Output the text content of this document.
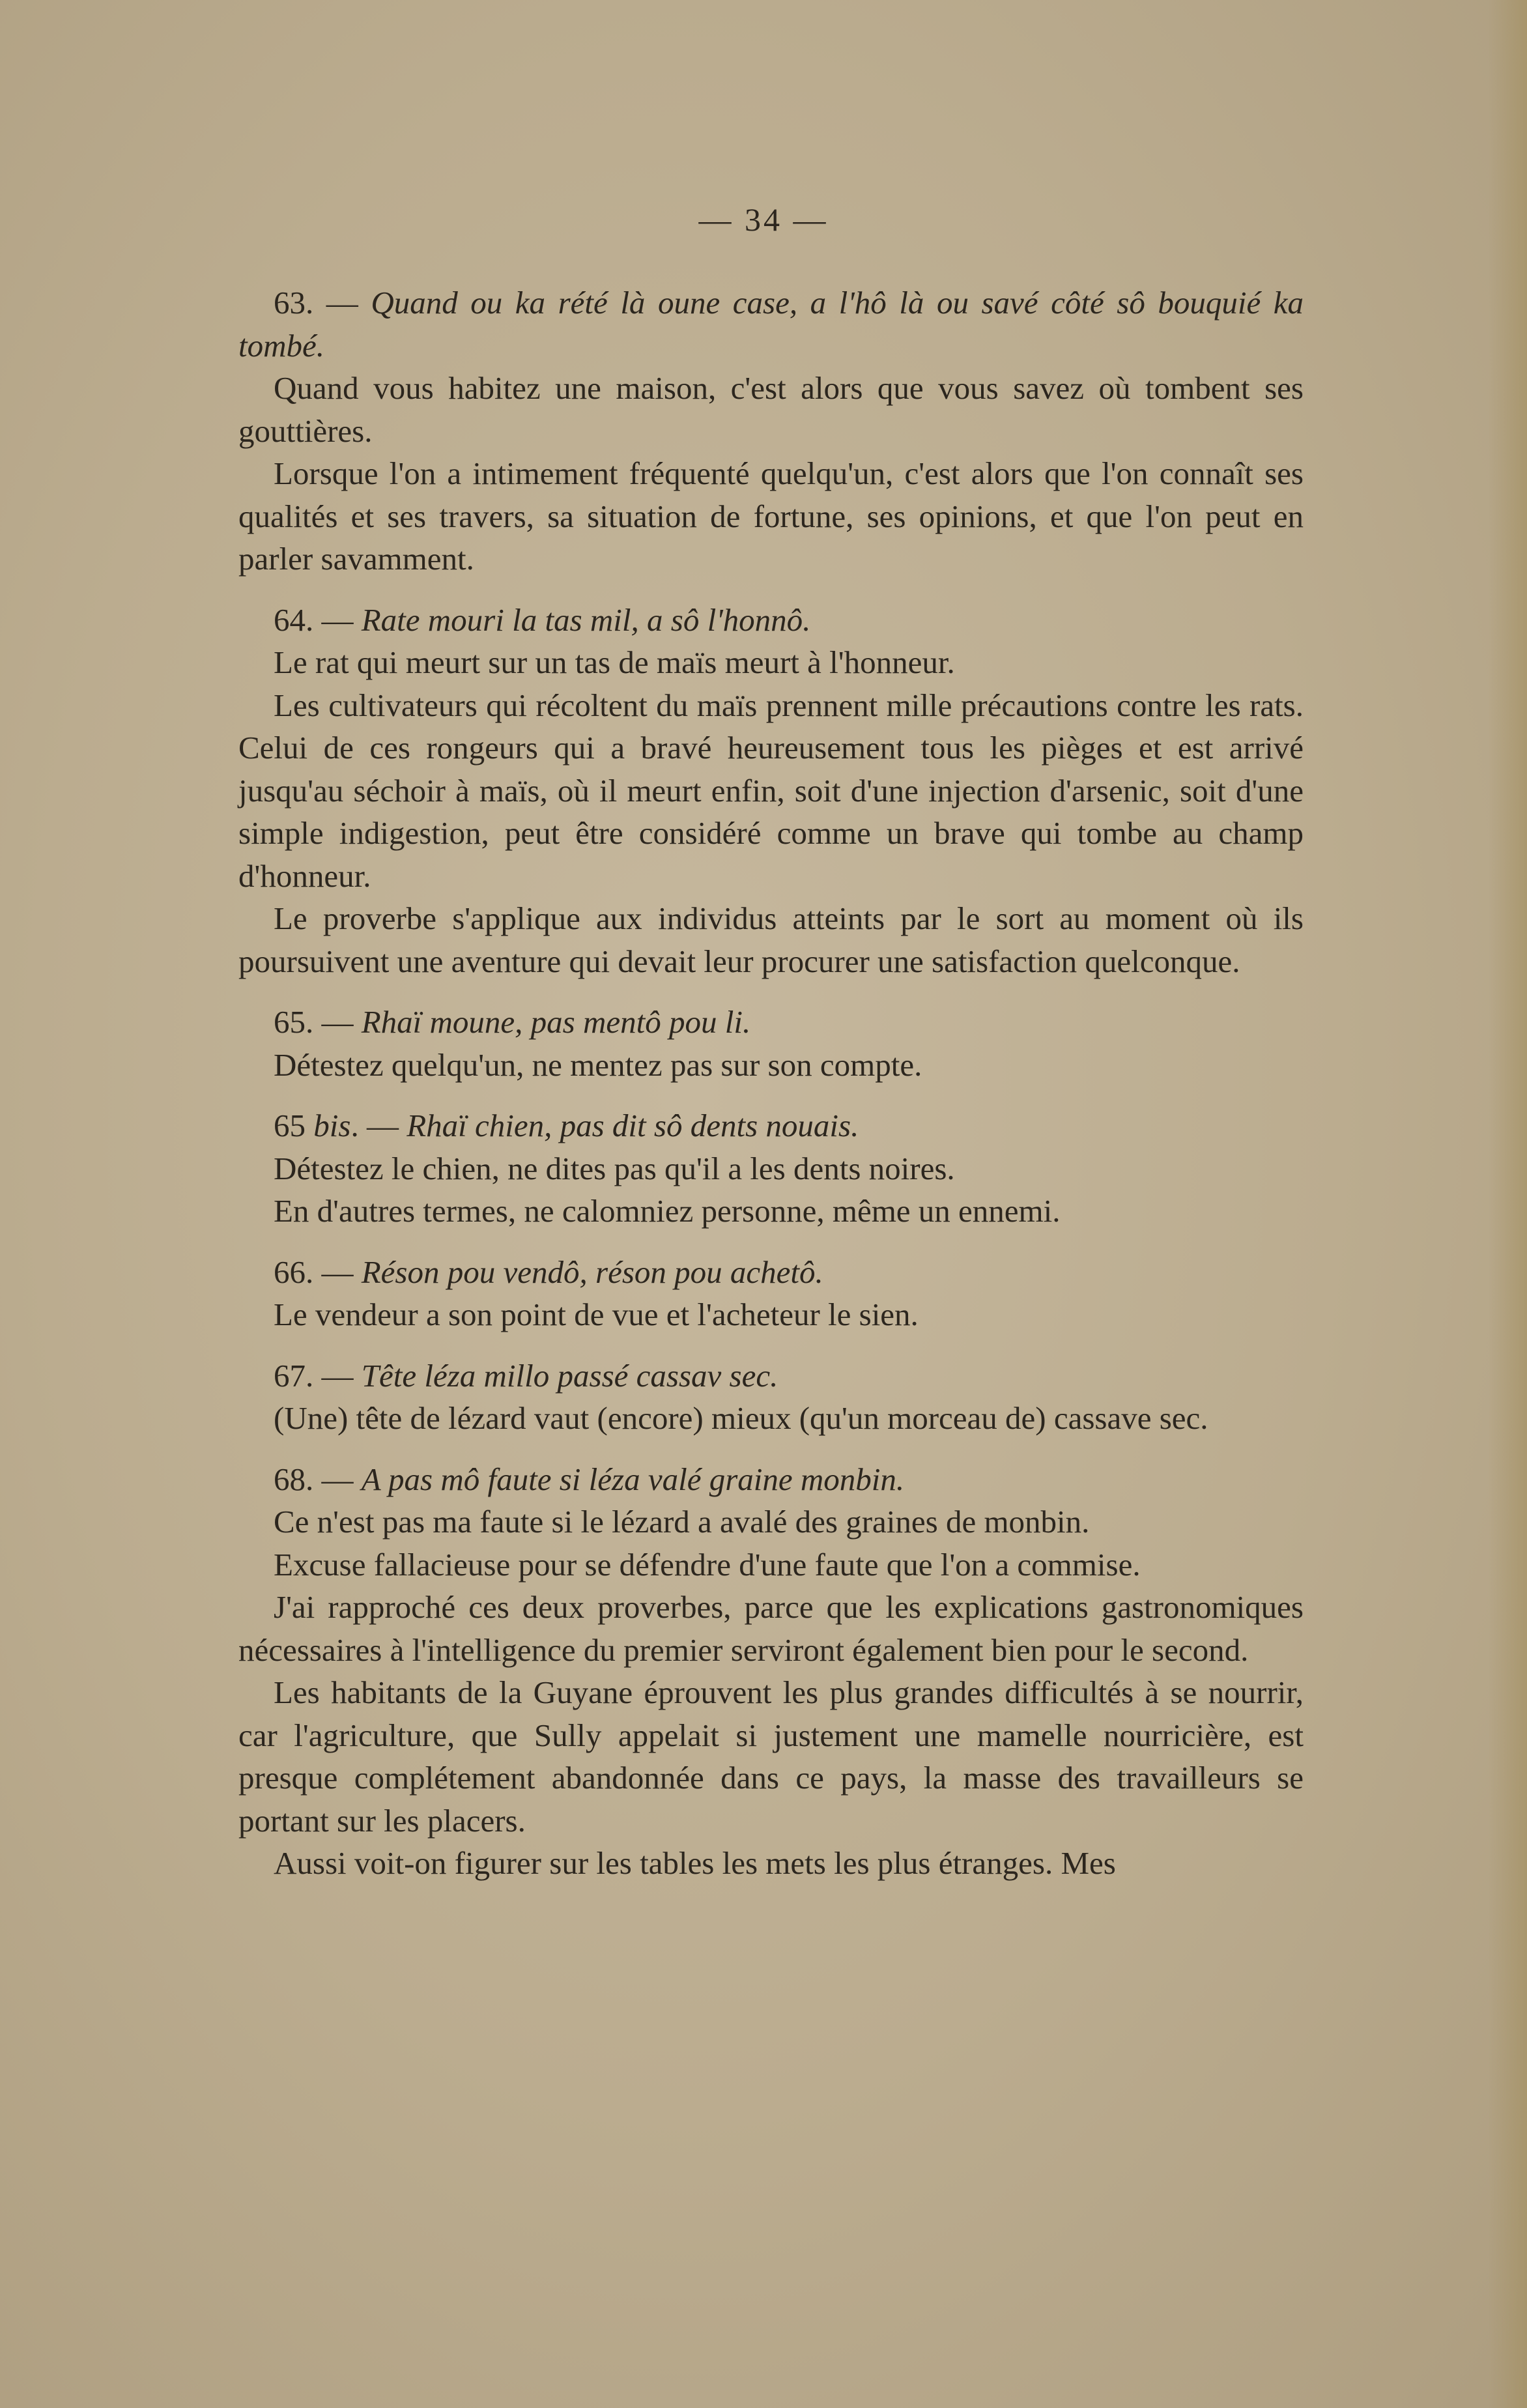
— 34 —

63. — Quand ou ka rété là oune case, a l'hô là ou savé côté sô bouquié ka tombé.

Quand vous habitez une maison, c'est alors que vous savez où tombent ses gouttières.

Lorsque l'on a intimement fréquenté quelqu'un, c'est alors que l'on connaît ses qualités et ses travers, sa situation de fortune, ses opinions, et que l'on peut en parler savamment.

64. — Rate mouri la tas mil, a sô l'honnô.

Le rat qui meurt sur un tas de maïs meurt à l'honneur.

Les cultivateurs qui récoltent du maïs prennent mille précautions contre les rats. Celui de ces rongeurs qui a bravé heureusement tous les pièges et est arrivé jusqu'au séchoir à maïs, où il meurt enfin, soit d'une injection d'arsenic, soit d'une simple indigestion, peut être considéré comme un brave qui tombe au champ d'honneur.

Le proverbe s'applique aux individus atteints par le sort au moment où ils poursuivent une aventure qui devait leur procurer une satisfaction quelconque.

65. — Rhaï moune, pas mentô pou li.

Détestez quelqu'un, ne mentez pas sur son compte.

65 bis. — Rhaï chien, pas dit sô dents nouais.

Détestez le chien, ne dites pas qu'il a les dents noires.

En d'autres termes, ne calomniez personne, même un ennemi.

66. — Réson pou vendô, réson pou achetô.

Le vendeur a son point de vue et l'acheteur le sien.

67. — Tête léza millo passé cassav sec.

(Une) tête de lézard vaut (encore) mieux (qu'un morceau de) cassave sec.

68. — A pas mô faute si léza valé graine monbin.

Ce n'est pas ma faute si le lézard a avalé des graines de monbin.

Excuse fallacieuse pour se défendre d'une faute que l'on a commise.

J'ai rapproché ces deux proverbes, parce que les explications gastronomiques nécessaires à l'intelligence du premier serviront également bien pour le second.

Les habitants de la Guyane éprouvent les plus grandes difficultés à se nourrir, car l'agriculture, que Sully appelait si justement une mamelle nourricière, est presque complétement abandonnée dans ce pays, la masse des travailleurs se portant sur les placers.

Aussi voit-on figurer sur les tables les mets les plus étranges. Mes
